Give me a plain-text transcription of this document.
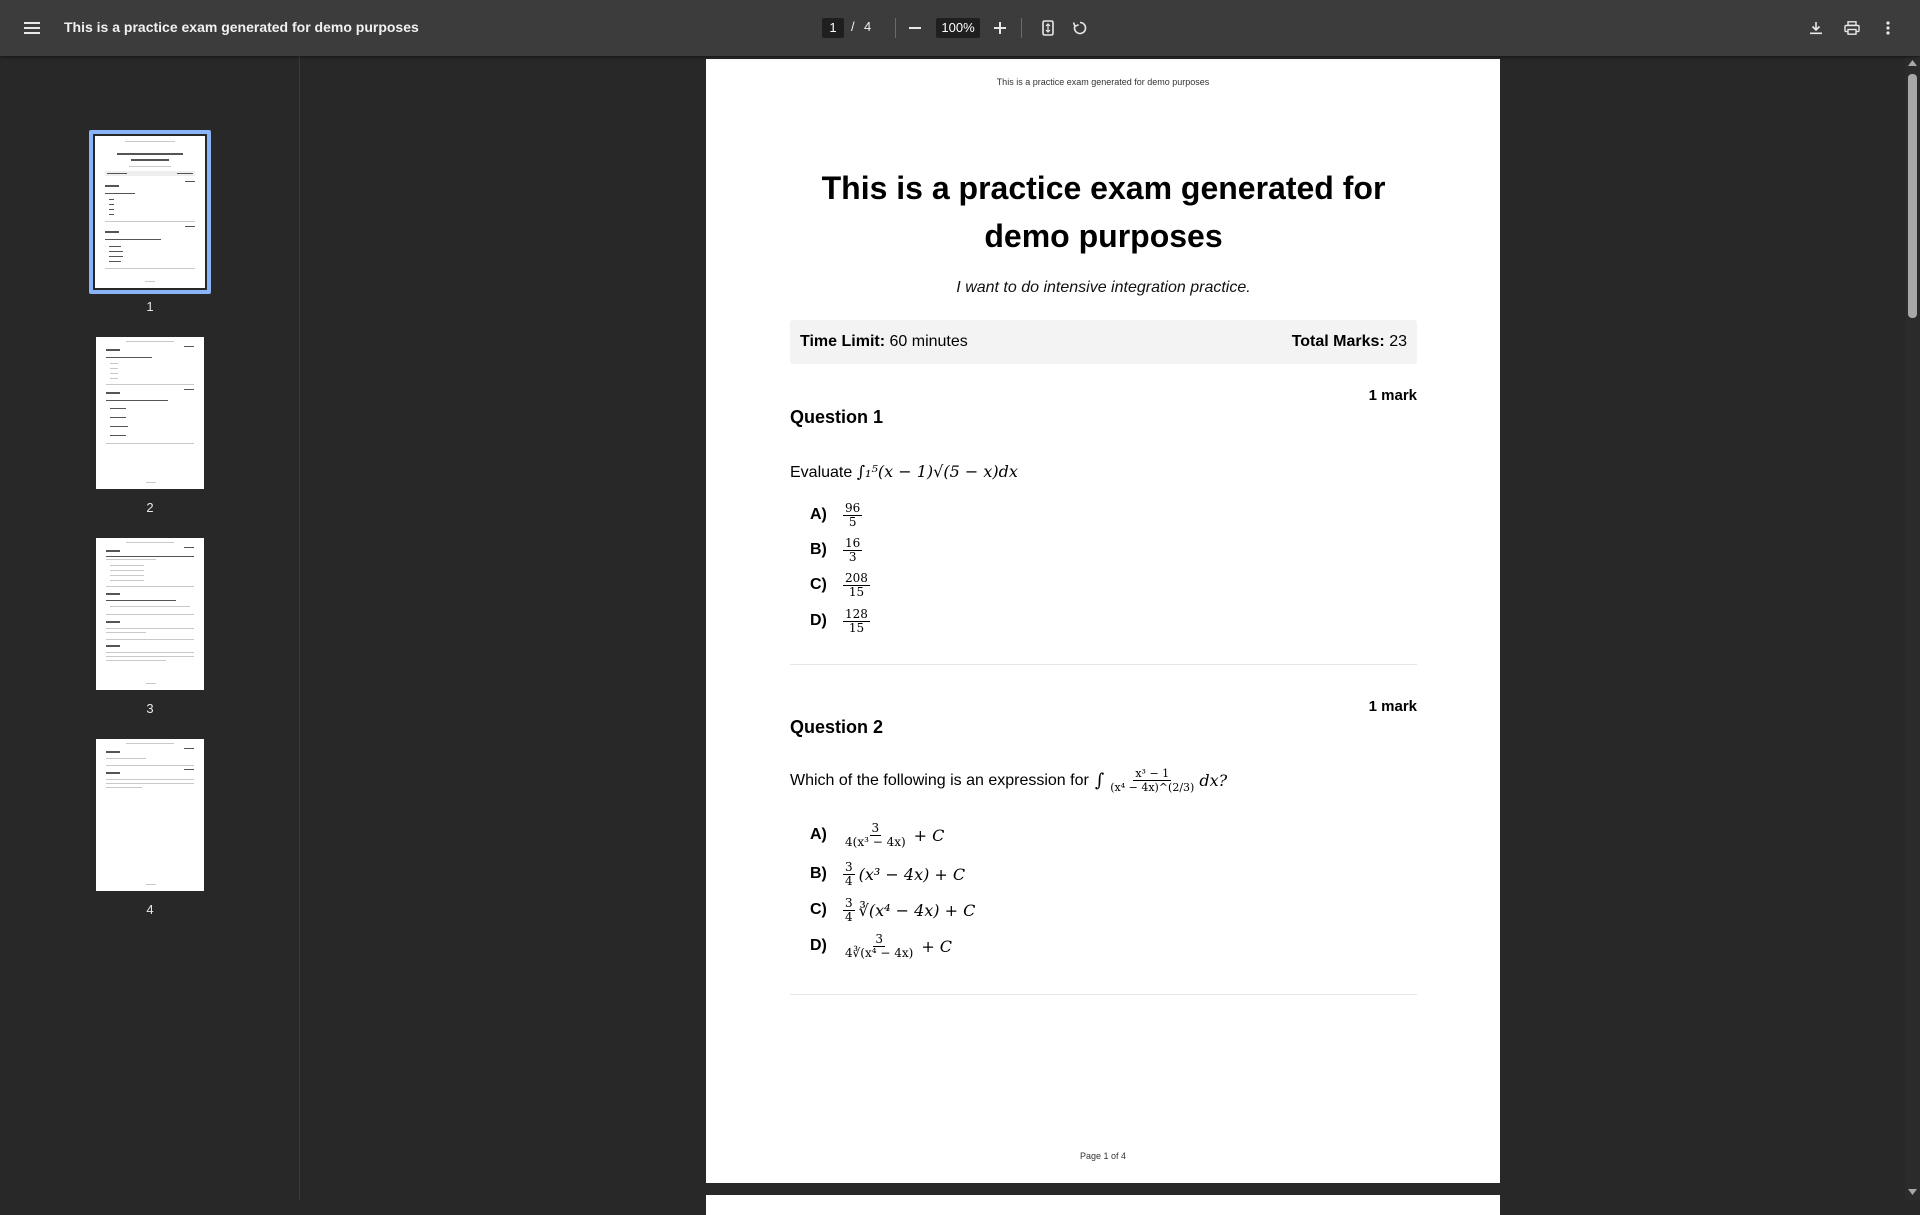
This is a practice exam generated for demo purposes	1	/ 4	100%
1
2
3
4
This is a practice exam generated for demo purposes
This is a practice exam generated for demo purposes
I want to do intensive integration practice.
Time Limit: 60 minutes	Total Marks: 23
1 mark
Question 1
Evaluate ∫₁⁵(x − 1)√(5 − x)dx
A)	$\frac{96}{5}$
B)	$\frac{16}{3}$
C)	$\frac{208}{15}$
D)	$\frac{128}{15}$
1 mark
Question 2
Which of the following is an expression for ∫ $\frac{\text{x³ − 1}}{\text{(x⁴ − 4x)\textasciicircum{}(2/3)}}$ dx?
A)	$\frac{3}{\text{4(x³ − 4x)}} + C$
B)	$\frac{3}{4} (x^3 - 4x) + C$
C)	$\frac{3}{4}$ ∛(x⁴ − 4x) + C
D)	$\frac{3}{\text{4∛(x⁴ − 4x)}} + C$
Page 1 of 4
